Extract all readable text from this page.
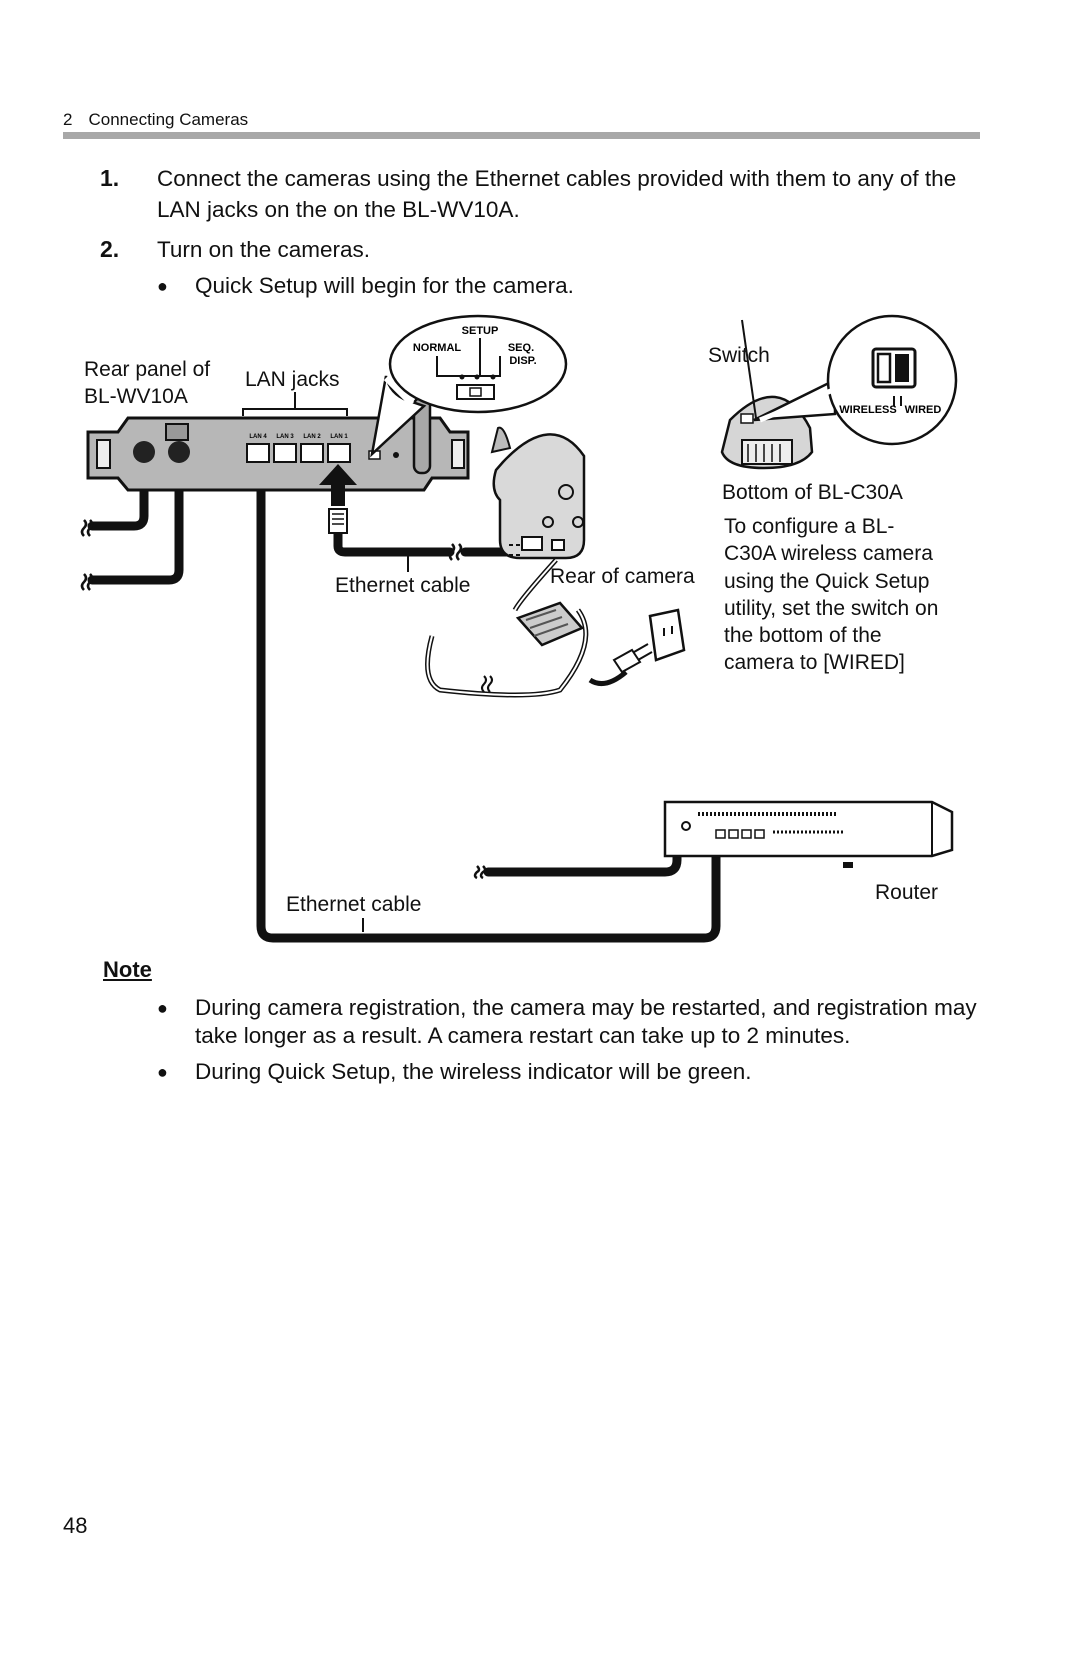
2 Connecting Cameras
1. Connect the cameras using the Ethernet cables provided with them to any of the LAN jacks on the on the BL-WV10A.
2. Turn on the cameras.
● Quick Setup will begin for the camera.
LAN 4 LAN 3 LAN 2 LAN 1
SETUP
NORMAL	SEQ.
DISP.
WIRELESS WIRED
Rear panel of
BL-WV10A
LAN jacks
Switch
Bottom of BL-C30A
Ethernet cable	Rear of camera
Ethernet cable
Router
To configure a BL-
C30A wireless camera
using the Quick Setup
utility, set the switch on
the bottom of the
camera to [WIRED]
Note
● During camera registration, the camera may be restarted, and registration may take longer as a result. A camera restart can take up to 2 minutes.
● During Quick Setup, the wireless indicator will be green.
48
